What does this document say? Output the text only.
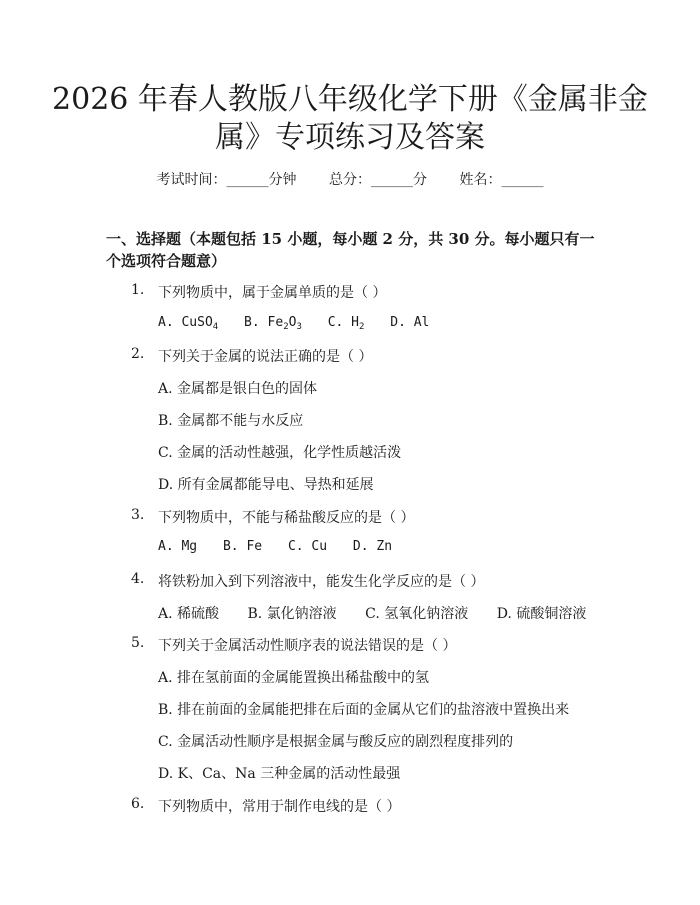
2026 年春人教版八年级化学下册《金属非金
属》专项练习及答案
考试时间：______分钟 总分：______分 姓名：______
一、选择题（本题包括 15 小题，每小题 2 分，共 30 分。每小题只有一个选项符合题意）
1. 下列物质中，属于金属单质的是（ ）
A. CuSO$_4$ B. $Fe_2O_3$ C. $H_2$ D. Al
2. 下列关于金属的说法正确的是（ ）
A. 金属都是银白色的固体
B. 金属都不能与水反应
C. 金属的活动性越强，化学性质越活泼
D. 所有金属都能导电、导热和延展
3. 下列物质中，不能与稀盐酸反应的是（ ）
A. Mg B. Fe C. Cu D. Zn
4. 将铁粉加入到下列溶液中，能发生化学反应的是（ ）
A. 稀硫酸 B. 氯化钠溶液 C. 氢氧化钠溶液 D. 硫酸铜溶液
5. 下列关于金属活动性顺序表的说法错误的是（ ）
A. 排在氢前面的金属能置换出稀盐酸中的氢
B. 排在前面的金属能把排在后面的金属从它们的盐溶液中置换出来
C. 金属活动性顺序是根据金属与酸反应的剧烈程度排列的
D. K、Ca、Na 三种金属的活动性最强
6. 下列物质中，常用于制作电线的是（ ）
